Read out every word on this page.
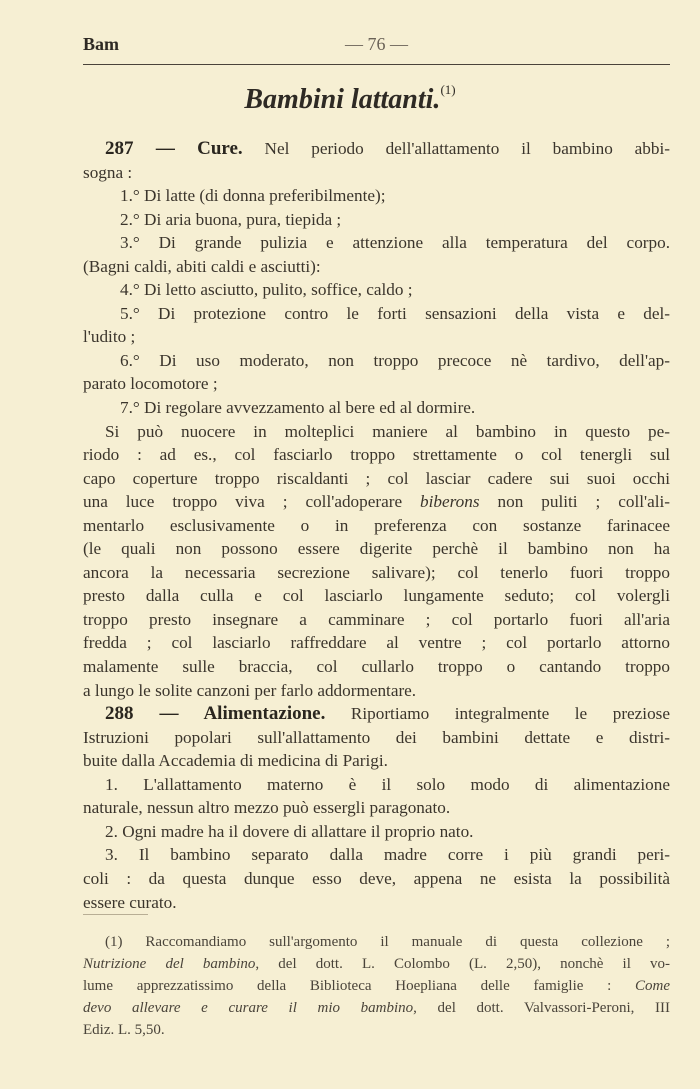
Bam	— 76 —
Bambini lattanti.$^{(1)}$
287 — Cure. Nel periodo dell'allattamento il bambino abbi-
sogna :
1.° Di latte (di donna preferibilmente);
2.° Di aria buona, pura, tiepida ;
3.° Di grande pulizia e attenzione alla temperatura del corpo.
(Bagni caldi, abiti caldi e asciutti):
4.° Di letto asciutto, pulito, soffice, caldo ;
5.° Di protezione contro le forti sensazioni della vista e del-
l'udito ;
6.° Di uso moderato, non troppo precoce nè tardivo, dell'ap-
parato locomotore ;
7.° Di regolare avvezzamento al bere ed al dormire.
Si può nuocere in molteplici maniere al bambino in questo pe-
riodo : ad es., col fasciarlo troppo strettamente o col tenergli sul
capo coperture troppo riscaldanti ; col lasciar cadere sui suoi occhi
una luce troppo viva ; coll'adoperare biberons non puliti ; coll'ali-
mentarlo esclusivamente o in preferenza con sostanze farinacee
(le quali non possono essere digerite perchè il bambino non ha
ancora la necessaria secrezione salivare); col tenerlo fuori troppo
presto dalla culla e col lasciarlo lungamente seduto; col volergli
troppo presto insegnare a camminare ; col portarlo fuori all'aria
fredda ; col lasciarlo raffreddare al ventre ; col portarlo attorno
malamente sulle braccia, col cullarlo troppo o cantando troppo
a lungo le solite canzoni per farlo addormentare.
288 — Alimentazione. Riportiamo integralmente le preziose
Istruzioni popolari sull'allattamento dei bambini dettate e distri-
buite dalla Accademia di medicina di Parigi.
1. L'allattamento materno è il solo modo di alimentazione
naturale, nessun altro mezzo può essergli paragonato.
2. Ogni madre ha il dovere di allattare il proprio nato.
3. Il bambino separato dalla madre corre i più grandi peri-
coli : da questa dunque esso deve, appena ne esista la possibilità
essere curato.
(1) Raccomandiamo sull'argomento il manuale di questa collezione ;
Nutrizione del bambino, del dott. L. Colombo (L. 2,50), nonchè il vo-
lume apprezzatissimo della Biblioteca Hoepliana delle famiglie : Come
devo allevare e curare il mio bambino, del dott. Valvassori-Peroni, III
Ediz. L. 5,50.
